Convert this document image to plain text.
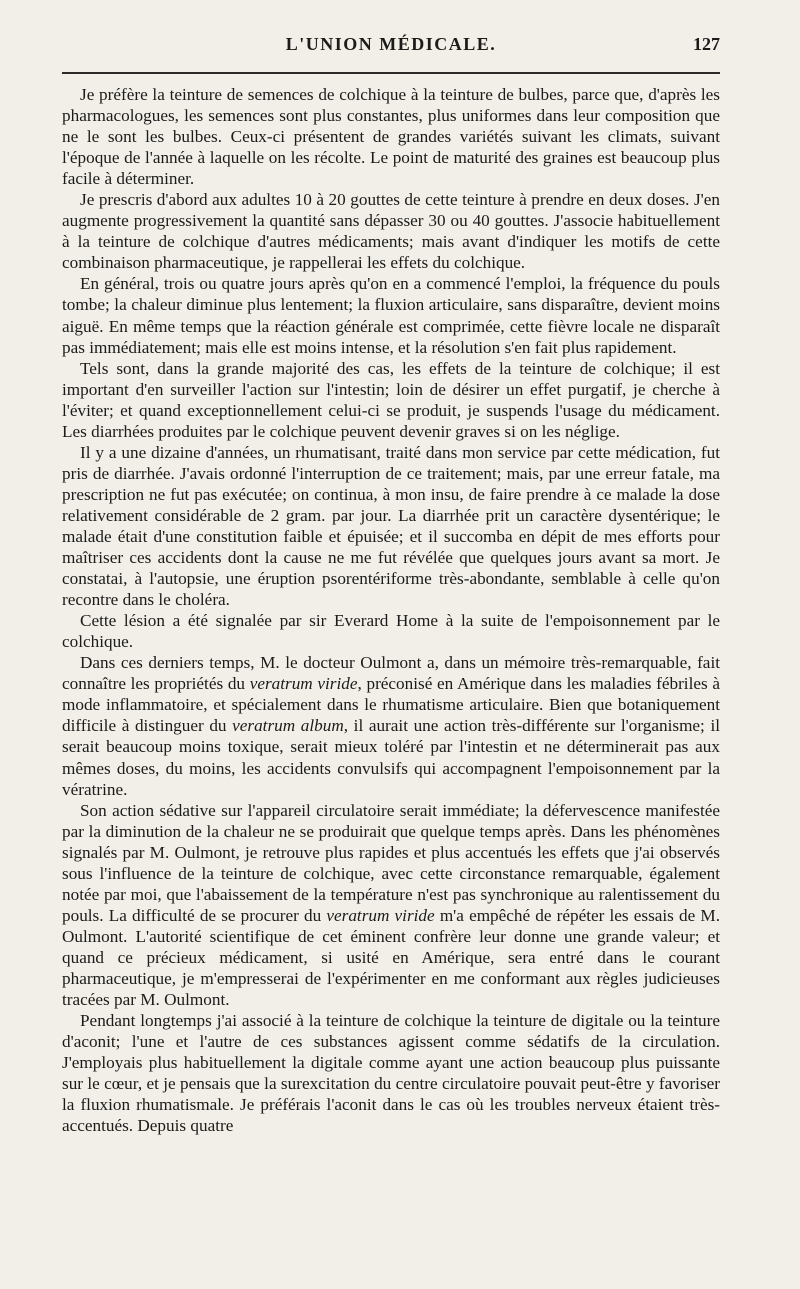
L'UNION MÉDICALE.	127

Je préfère la teinture de semences de colchique à la teinture de bulbes, parce que, d'après les pharmacologues, les semences sont plus constantes, plus uniformes dans leur composition que ne le sont les bulbes. Ceux-ci présentent de grandes variétés suivant les climats, suivant l'époque de l'année à laquelle on les récolte. Le point de maturité des graines est beaucoup plus facile à déterminer.

Je prescris d'abord aux adultes 10 à 20 gouttes de cette teinture à prendre en deux doses. J'en augmente progressivement la quantité sans dépasser 30 ou 40 gouttes. J'associe habituellement à la teinture de colchique d'autres médicaments; mais avant d'indiquer les motifs de cette combinaison pharmaceutique, je rappellerai les effets du colchique.

En général, trois ou quatre jours après qu'on en a commencé l'emploi, la fréquence du pouls tombe; la chaleur diminue plus lentement; la fluxion articulaire, sans disparaître, devient moins aiguë. En même temps que la réaction générale est comprimée, cette fièvre locale ne disparaît pas immédiatement; mais elle est moins intense, et la résolution s'en fait plus rapidement.

Tels sont, dans la grande majorité des cas, les effets de la teinture de colchique; il est important d'en surveiller l'action sur l'intestin; loin de désirer un effet purgatif, je cherche à l'éviter; et quand exceptionnellement celui-ci se produit, je suspends l'usage du médicament. Les diarrhées produites par le colchique peuvent devenir graves si on les néglige.

Il y a une dizaine d'années, un rhumatisant, traité dans mon service par cette médication, fut pris de diarrhée. J'avais ordonné l'interruption de ce traitement; mais, par une erreur fatale, ma prescription ne fut pas exécutée; on continua, à mon insu, de faire prendre à ce malade la dose relativement considérable de 2 gram. par jour. La diarrhée prit un caractère dysentérique; le malade était d'une constitution faible et épuisée; et il succomba en dépit de mes efforts pour maîtriser ces accidents dont la cause ne me fut révélée que quelques jours avant sa mort. Je constatai, à l'autopsie, une éruption psorentériforme très-abondante, semblable à celle qu'on recontre dans le choléra.

Cette lésion a été signalée par sir Everard Home à la suite de l'empoisonnement par le colchique.

Dans ces derniers temps, M. le docteur Oulmont a, dans un mémoire très-remarquable, fait connaître les propriétés du veratrum viride, préconisé en Amérique dans les maladies fébriles à mode inflammatoire, et spécialement dans le rhumatisme articulaire. Bien que botaniquement difficile à distinguer du veratrum album, il aurait une action très-différente sur l'organisme; il serait beaucoup moins toxique, serait mieux toléré par l'intestin et ne déterminerait pas aux mêmes doses, du moins, les accidents convulsifs qui accompagnent l'empoisonnement par la vératrine.

Son action sédative sur l'appareil circulatoire serait immédiate; la défervescence manifestée par la diminution de la chaleur ne se produirait que quelque temps après. Dans les phénomènes signalés par M. Oulmont, je retrouve plus rapides et plus accentués les effets que j'ai observés sous l'influence de la teinture de colchique, avec cette circonstance remarquable, également notée par moi, que l'abaissement de la température n'est pas synchronique au ralentissement du pouls. La difficulté de se procurer du veratrum viride m'a empêché de répéter les essais de M. Oulmont. L'autorité scientifique de cet éminent confrère leur donne une grande valeur; et quand ce précieux médicament, si usité en Amérique, sera entré dans le courant pharmaceutique, je m'empresserai de l'expérimenter en me conformant aux règles judicieuses tracées par M. Oulmont.

Pendant longtemps j'ai associé à la teinture de colchique la teinture de digitale ou la teinture d'aconit; l'une et l'autre de ces substances agissent comme sédatifs de la circulation. J'employais plus habituellement la digitale comme ayant une action beaucoup plus puissante sur le cœur, et je pensais que la surexcitation du centre circulatoire pouvait peut-être y favoriser la fluxion rhumatismale. Je préférais l'aconit dans le cas où les troubles nerveux étaient très-accentués. Depuis quatre
